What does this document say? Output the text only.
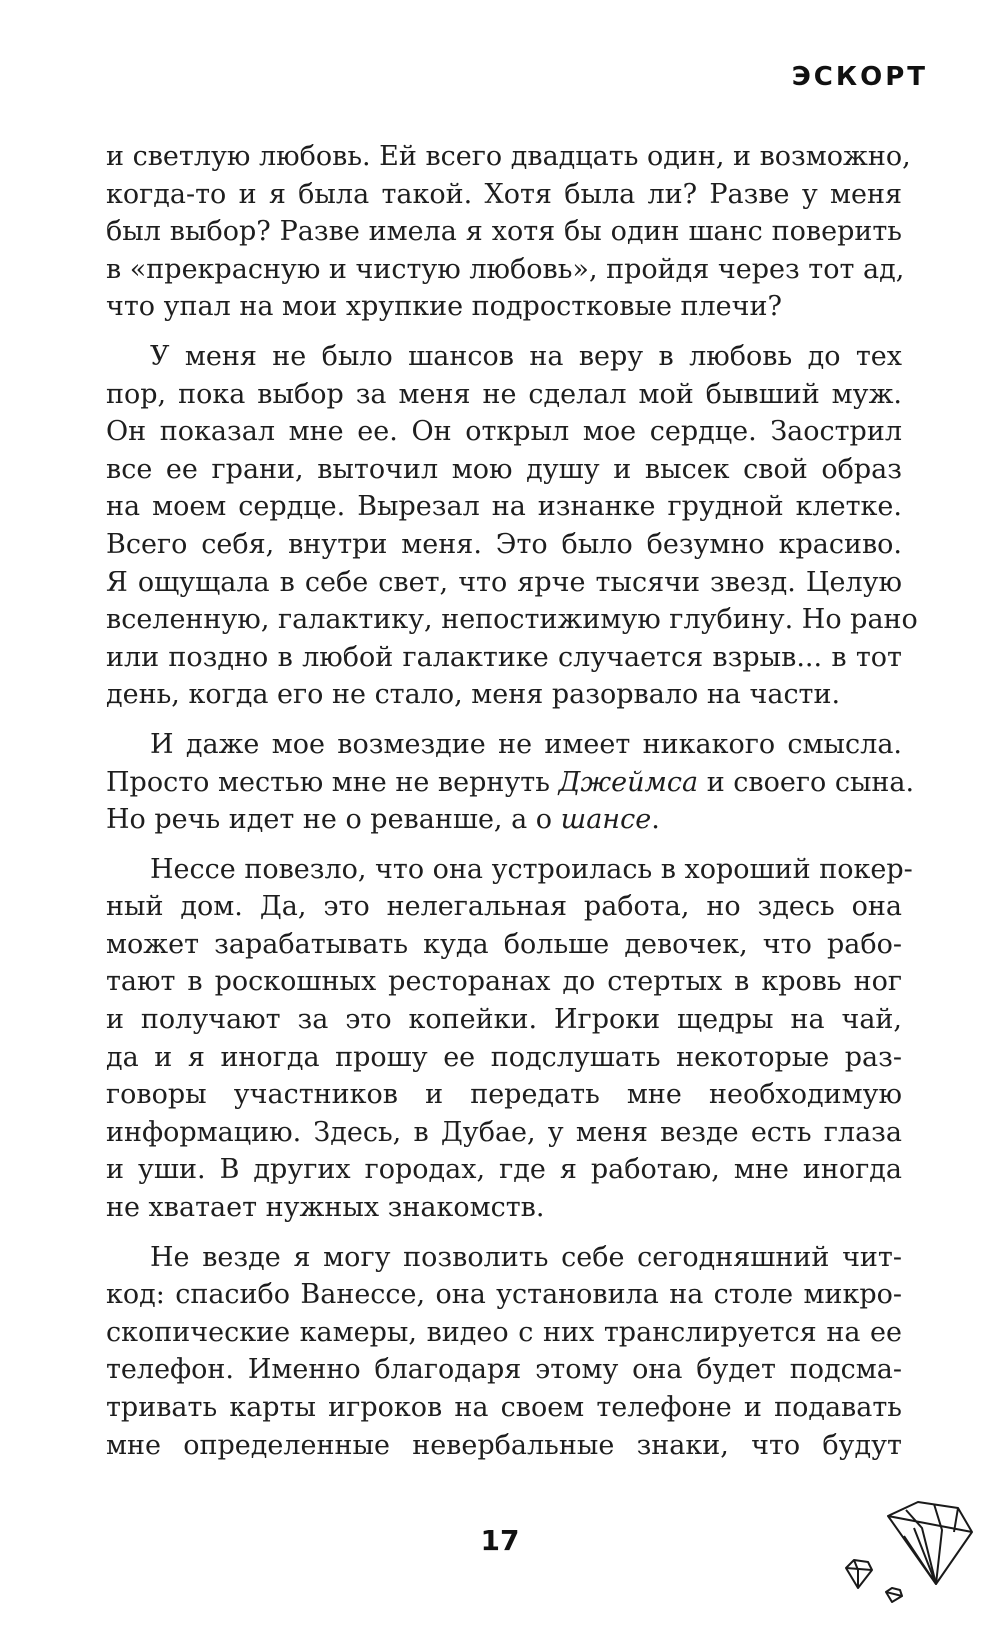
ЭСКОРТ
и светлую любовь. Ей всего двадцать один, и возможно,
когда-то и я была такой. Хотя была ли? Разве у меня
был выбор? Разве имела я хотя бы один шанс поверить
в «прекрасную и чистую любовь», пройдя через тот ад,
что упал на мои хрупкие подростковые плечи?
У меня не было шансов на веру в любовь до тех
пор, пока выбор за меня не сделал мой бывший муж.
Он показал мне ее. Он открыл мое сердце. Заострил
все ее грани, выточил мою душу и высек свой образ
на моем сердце. Вырезал на изнанке грудной клетке.
Всего себя, внутри меня. Это было безумно красиво.
Я ощущала в себе свет, что ярче тысячи звезд. Целую
вселенную, галактику, непостижимую глубину. Но рано
или поздно в любой галактике случается взрыв... в тот
день, когда его не стало, меня разорвало на части.
И даже мое возмездие не имеет никакого смысла.
Просто местью мне не вернуть Джеймса и своего сына.
Но речь идет не о реванше, а о шансе.
Нессе повезло, что она устроилась в хороший покер-
ный дом. Да, это нелегальная работа, но здесь она
может зарабатывать куда больше девочек, что рабо-
тают в роскошных ресторанах до стертых в кровь ног
и получают за это копейки. Игроки щедры на чай,
да и я иногда прошу ее подслушать некоторые раз-
говоры участников и передать мне необходимую
информацию. Здесь, в Дубае, у меня везде есть глаза
и уши. В других городах, где я работаю, мне иногда
не хватает нужных знакомств.
Не везде я могу позволить себе сегодняшний чит-
код: спасибо Ванессе, она установила на столе микро-
скопические камеры, видео с них транслируется на ее
телефон. Именно благодаря этому она будет подсма-
тривать карты игроков на своем телефоне и подавать
мне определенные невербальные знаки, что будут
17
